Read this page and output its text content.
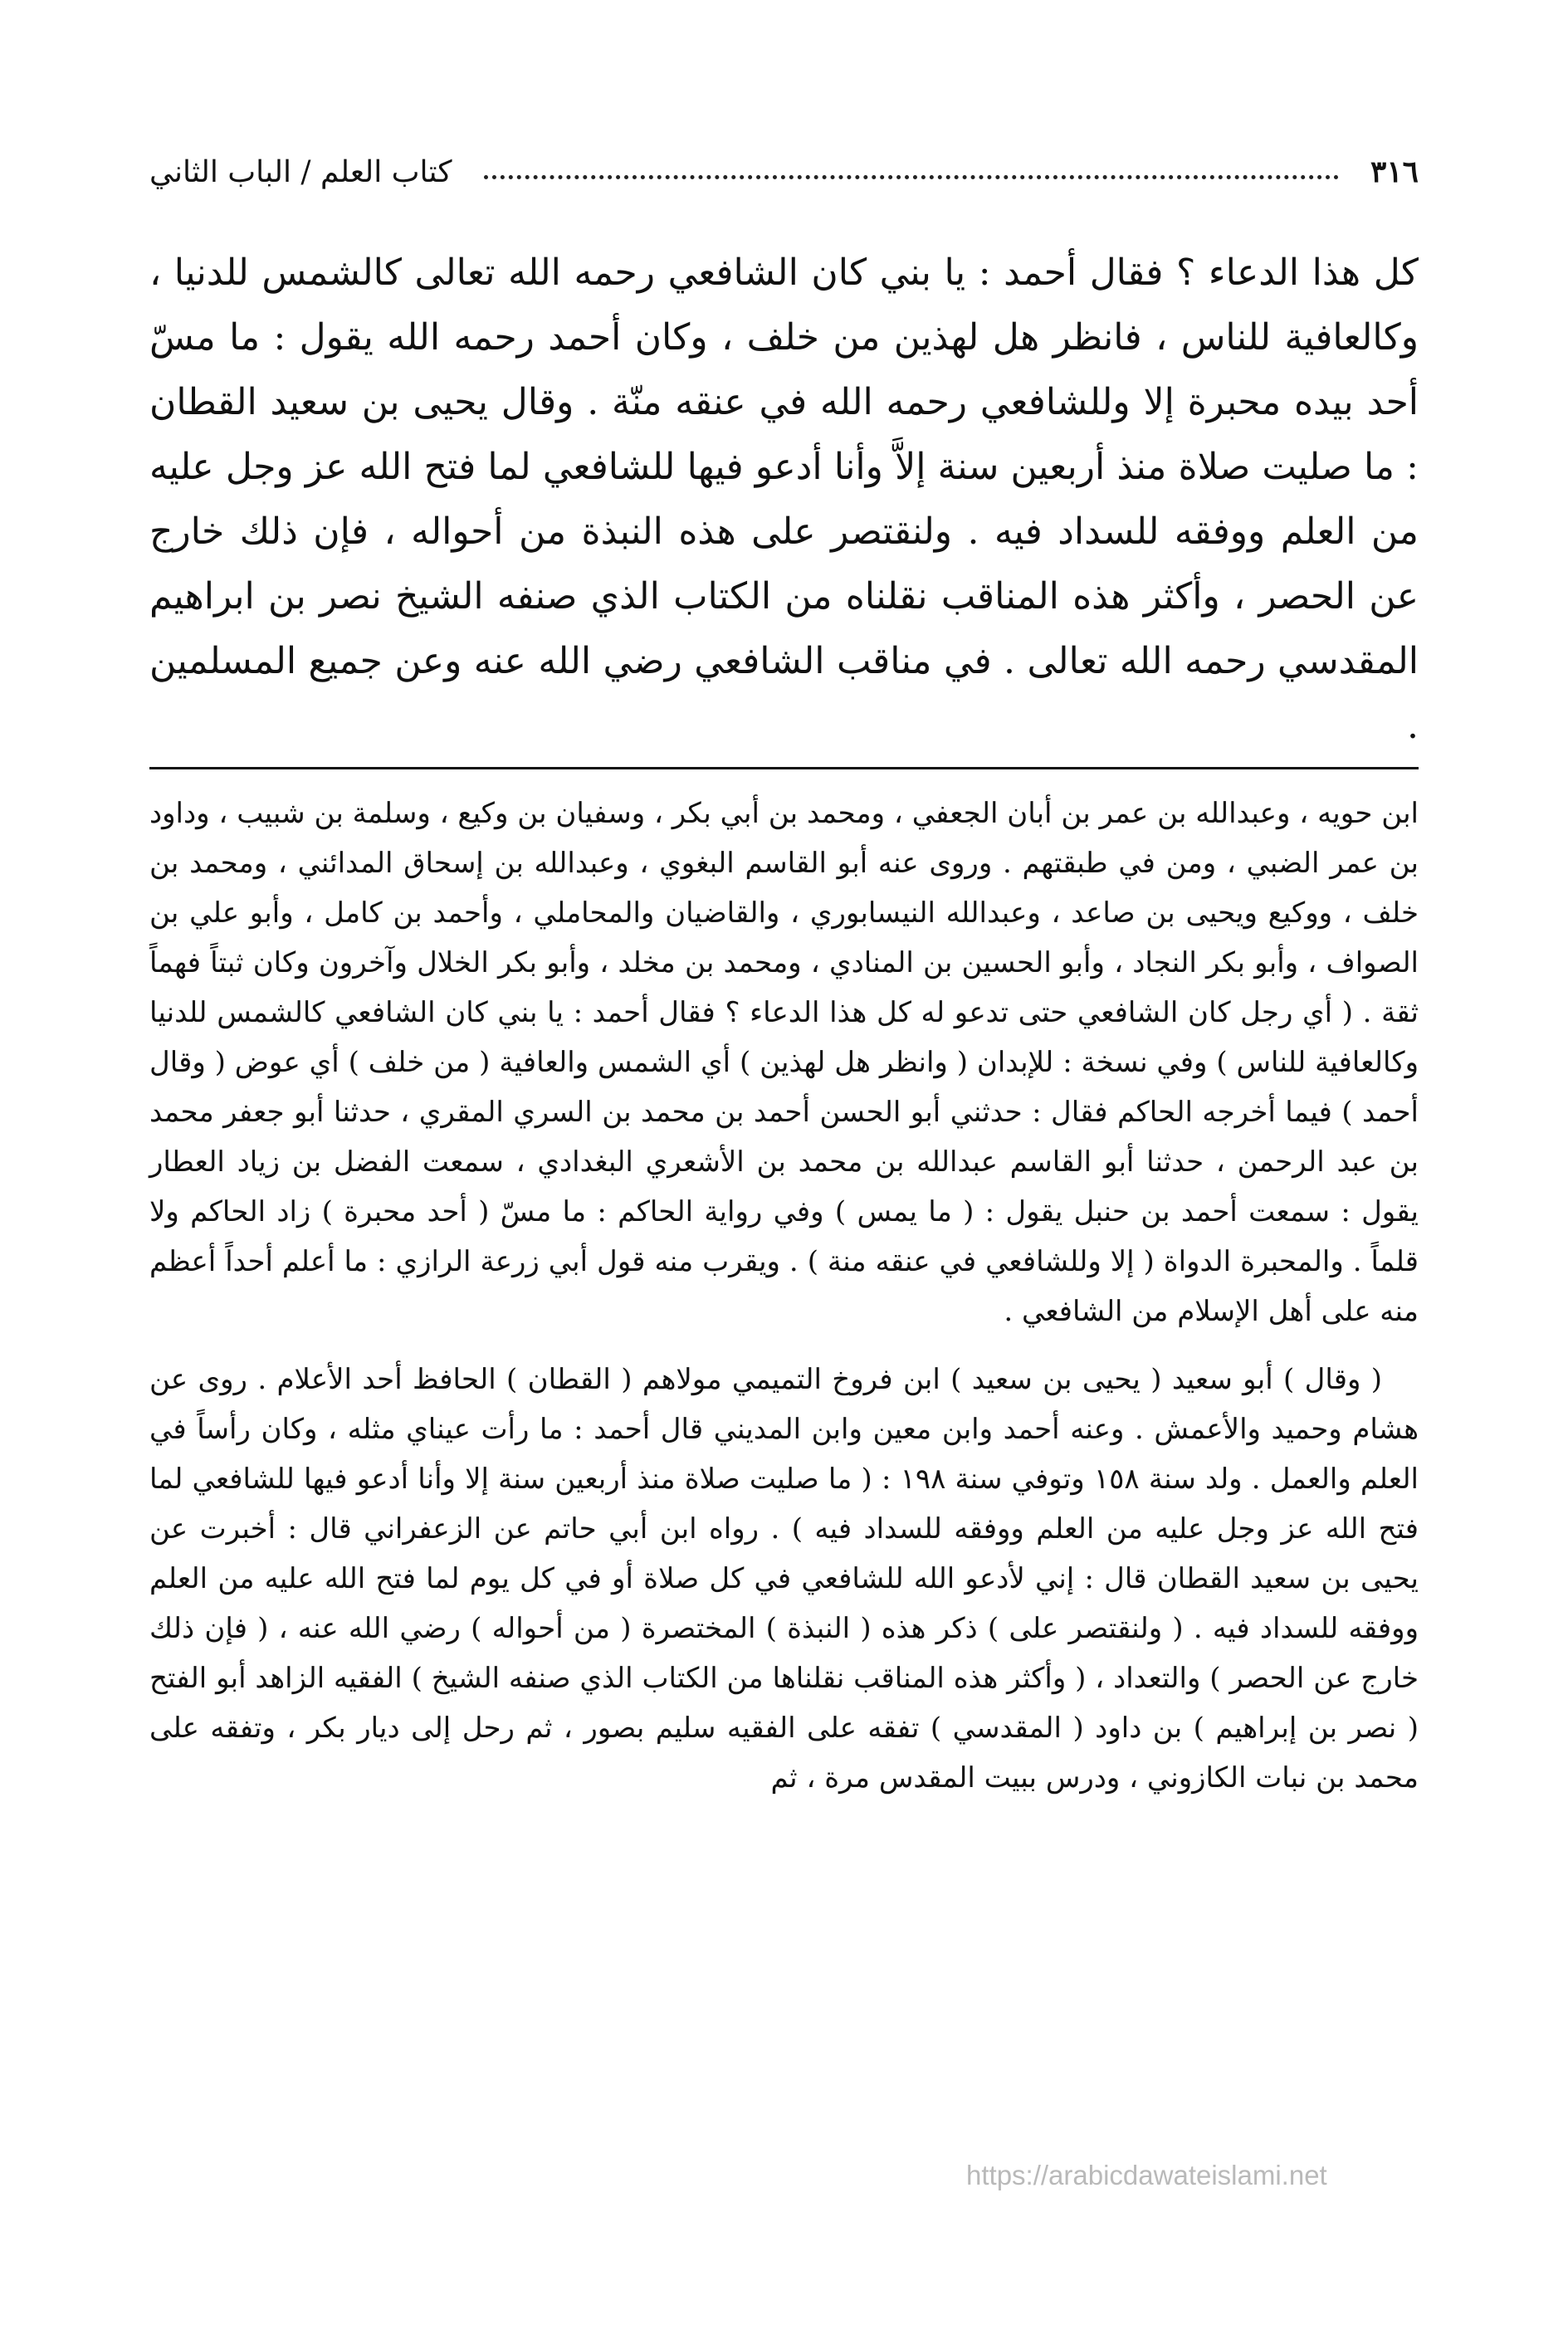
٣١٦
كتاب العلم / الباب الثاني

كل هذا الدعاء ؟ فقال أحمد : يا بني كان الشافعي رحمه الله تعالى كالشمس للدنيا ، وكالعافية للناس ، فانظر هل لهذين من خلف ، وكان أحمد رحمه الله يقول : ما مسّ أحد بيده محبرة إلا وللشافعي رحمه الله في عنقه منّة . وقال يحيى بن سعيد القطان : ما صليت صلاة منذ أربعين سنة إلاَّ وأنا أدعو فيها للشافعي لما فتح الله عز وجل عليه من العلم ووفقه للسداد فيه . ولنقتصر على هذه النبذة من أحواله ، فإن ذلك خارج عن الحصر ، وأكثر هذه المناقب نقلناه من الكتاب الذي صنفه الشيخ نصر بن ابراهيم المقدسي رحمه الله تعالى . في مناقب الشافعي رضي الله عنه وعن جميع المسلمين .

ابن حويه ، وعبدالله بن عمر بن أبان الجعفي ، ومحمد بن أبي بكر ، وسفيان بن وكيع ، وسلمة بن شبيب ، وداود بن عمر الضبي ، ومن في طبقتهم . وروى عنه أبو القاسم البغوي ، وعبدالله بن إسحاق المدائني ، ومحمد بن خلف ، ووكيع ويحيى بن صاعد ، وعبدالله النيسابوري ، والقاضيان والمحاملي ، وأحمد بن كامل ، وأبو علي بن الصواف ، وأبو بكر النجاد ، وأبو الحسين بن المنادي ، ومحمد بن مخلد ، وأبو بكر الخلال وآخرون وكان ثبتاً فهماً ثقة . ( أي رجل كان الشافعي حتى تدعو له كل هذا الدعاء ؟ فقال أحمد : يا بني كان الشافعي كالشمس للدنيا وكالعافية للناس ) وفي نسخة : للإبدان ( وانظر هل لهذين ) أي الشمس والعافية ( من خلف ) أي عوض ( وقال أحمد ) فيما أخرجه الحاكم فقال : حدثني أبو الحسن أحمد بن محمد بن السري المقري ، حدثنا أبو جعفر محمد بن عبد الرحمن ، حدثنا أبو القاسم عبدالله بن محمد بن الأشعري البغدادي ، سمعت الفضل بن زياد العطار يقول : سمعت أحمد بن حنبل يقول : ( ما يمس ) وفي رواية الحاكم : ما مسّ ( أحد محبرة ) زاد الحاكم ولا قلماً . والمحبرة الدواة ( إلا وللشافعي في عنقه منة ) . ويقرب منه قول أبي زرعة الرازي : ما أعلم أحداً أعظم منه على أهل الإسلام من الشافعي .

( وقال ) أبو سعيد ( يحيى بن سعيد ) ابن فروخ التميمي مولاهم ( القطان ) الحافظ أحد الأعلام . روى عن هشام وحميد والأعمش . وعنه أحمد وابن معين وابن المديني قال أحمد : ما رأت عيناي مثله ، وكان رأساً في العلم والعمل . ولد سنة ١٥٨ وتوفي سنة ١٩٨ : ( ما صليت صلاة منذ أربعين سنة إلا وأنا أدعو فيها للشافعي لما فتح الله عز وجل عليه من العلم ووفقه للسداد فيه ) . رواه ابن أبي حاتم عن الزعفراني قال : أخبرت عن يحيى بن سعيد القطان قال : إني لأدعو الله للشافعي في كل صلاة أو في كل يوم لما فتح الله عليه من العلم ووفقه للسداد فيه . ( ولنقتصر على ) ذكر هذه ( النبذة ) المختصرة ( من أحواله ) رضي الله عنه ، ( فإن ذلك خارج عن الحصر ) والتعداد ، ( وأكثر هذه المناقب نقلناها من الكتاب الذي صنفه الشيخ ) الفقيه الزاهد أبو الفتح ( نصر بن إبراهيم ) بن داود ( المقدسي ) تفقه على الفقيه سليم بصور ، ثم رحل إلى ديار بكر ، وتفقه على محمد بن نبات الكازوني ، ودرس ببيت المقدس مرة ، ثم

https://arabicdawateislami.net
